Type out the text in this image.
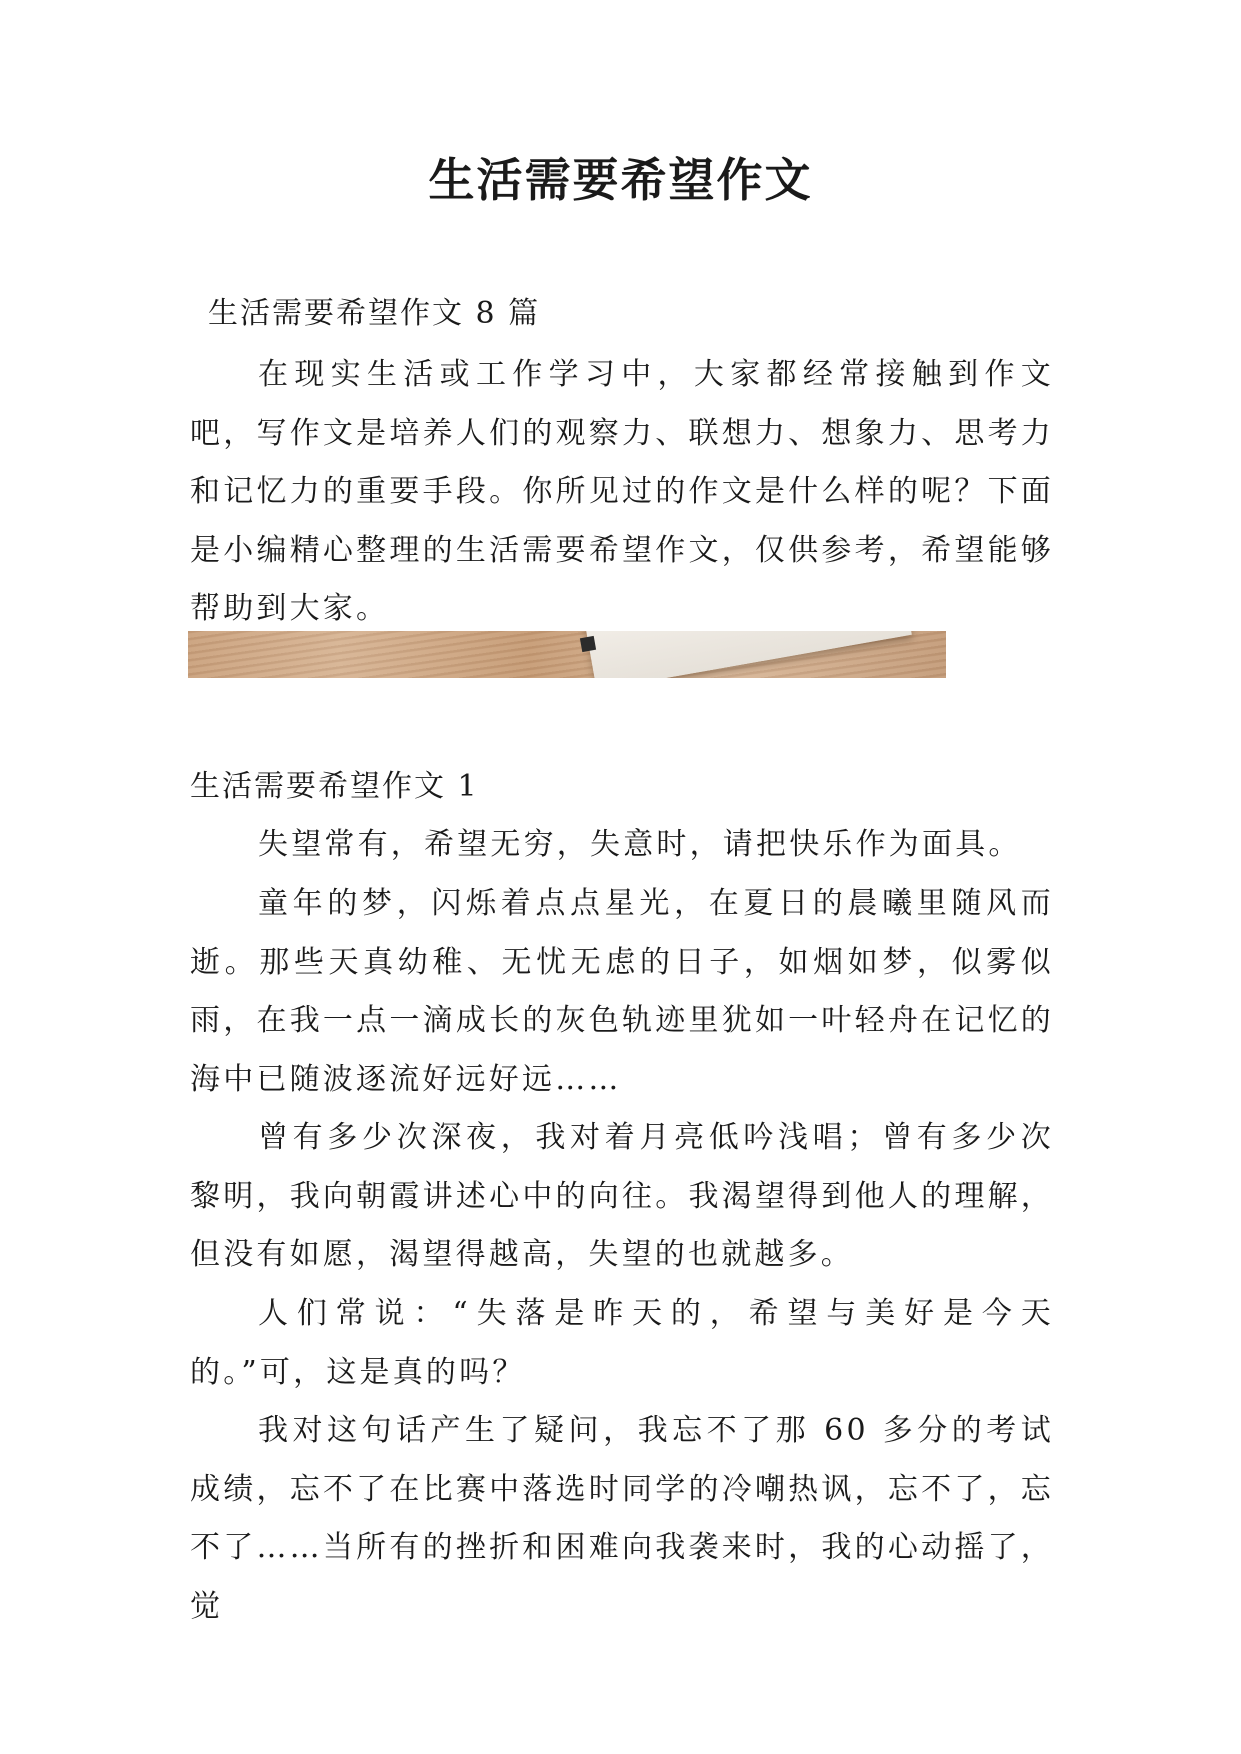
生活需要希望作文

生活需要希望作文 8 篇

在现实生活或工作学习中，大家都经常接触到作文吧，写作文是培养人们的观察力、联想力、想象力、思考力和记忆力的重要手段。你所见过的作文是什么样的呢？下面是小编精心整理的生活需要希望作文，仅供参考，希望能够帮助到大家。

生活需要希望作文 1

失望常有，希望无穷，失意时，请把快乐作为面具。

童年的梦，闪烁着点点星光，在夏日的晨曦里随风而逝。那些天真幼稚、无忧无虑的日子，如烟如梦，似雾似雨，在我一点一滴成长的灰色轨迹里犹如一叶轻舟在记忆的海中已随波逐流好远好远……

曾有多少次深夜，我对着月亮低吟浅唱；曾有多少次黎明，我向朝霞讲述心中的向往。我渴望得到他人的理解，但没有如愿，渴望得越高，失望的也就越多。

人们常说：“失落是昨天的，希望与美好是今天的。”可，这是真的吗？

我对这句话产生了疑问，我忘不了那 60 多分的考试成绩，忘不了在比赛中落选时同学的冷嘲热讽，忘不了，忘不了……当所有的挫折和困难向我袭来时，我的心动摇了，觉
